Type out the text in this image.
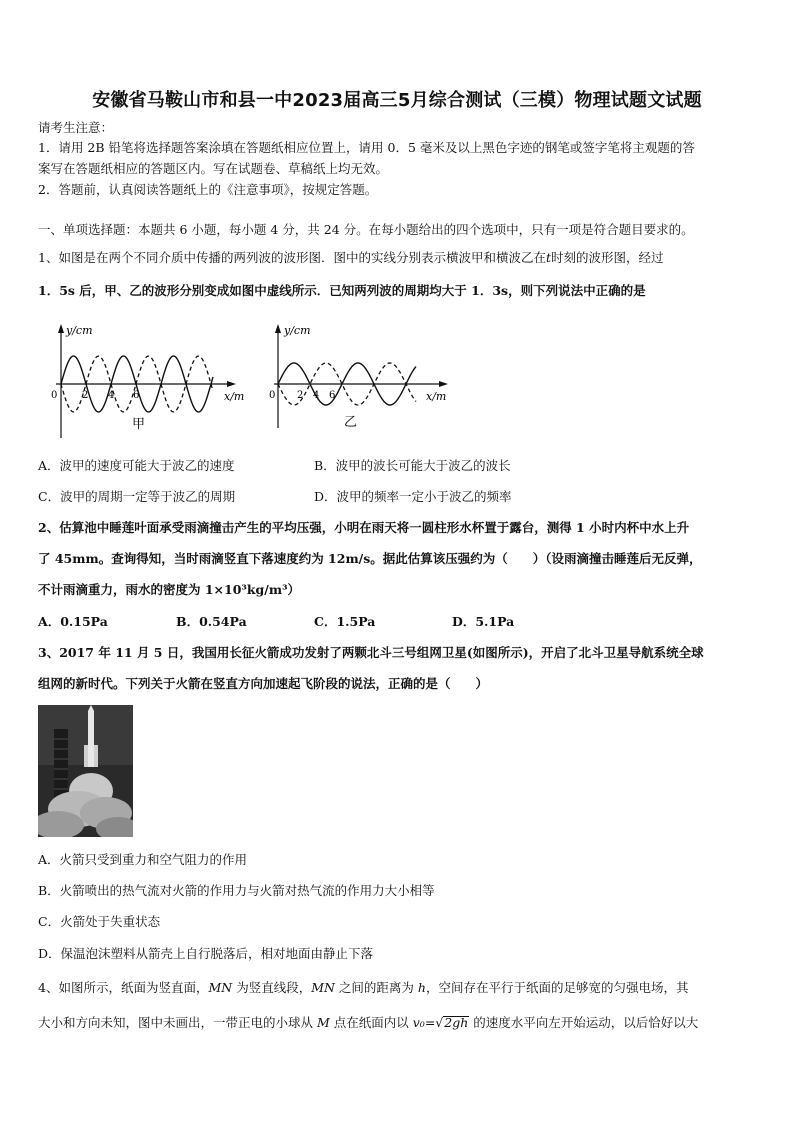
安徽省马鞍山市和县一中2023届高三5月综合测试（三模）物理试题文试题
请考生注意：
1．请用 2B 铅笔将选择题答案涂填在答题纸相应位置上，请用 0．5 毫米及以上黑色字迹的钢笔或签字笔将主观题的答
案写在答题纸相应的答题区内。写在试题卷、草稿纸上均无效。
2．答题前，认真阅读答题纸上的《注意事项》，按规定答题。
一、单项选择题：本题共 6 小题，每小题 4 分，共 24 分。在每小题给出的四个选项中，只有一项是符合题目要求的。
1、如图是在两个不同介质中传播的两列波的波形图．图中的实线分别表示横波甲和横波乙在t时刻的波形图，经过
1．5s 后，甲、乙的波形分别变成如图中虚线所示．已知两列波的周期均大于 1．3s，则下列说法中正确的是
y/cm
x/m
0 2 4 6
甲
y/cm
x/m
0 2 4 6
乙
A．波甲的速度可能大于波乙的速度	B．波甲的波长可能大于波乙的波长
C．波甲的周期一定等于波乙的周期	D．波甲的频率一定小于波乙的频率
2、估算池中睡莲叶面承受雨滴撞击产生的平均压强，小明在雨天将一圆柱形水杯置于露台，测得 1 小时内杯中水上升
了 45mm。查询得知，当时雨滴竖直下落速度约为 12m/s。据此估算该压强约为（　　）（设雨滴撞击睡莲后无反弹，
不计雨滴重力，雨水的密度为 1×10³kg/m³）
A．0.15Pa	B．0.54Pa	C．1.5Pa	D．5.1Pa
3、2017 年 11 月 5 日，我国用长征火箭成功发射了两颗北斗三号组网卫星(如图所示)，开启了北斗卫星导航系统全球
组网的新时代。下列关于火箭在竖直方向加速起飞阶段的说法，正确的是（　　）
A．火箭只受到重力和空气阻力的作用
B．火箭喷出的热气流对火箭的作用力与火箭对热气流的作用力大小相等
C．火箭处于失重状态
D．保温泡沫塑料从箭壳上自行脱落后，相对地面由静止下落
4、如图所示，纸面为竖直面，MN 为竖直线段，MN 之间的距离为 h，空间存在平行于纸面的足够宽的匀强电场，其
大小和方向未知，图中未画出，一带正电的小球从 M 点在纸面内以 v₀=√2gh 的速度水平向左开始运动，以后恰好以大
